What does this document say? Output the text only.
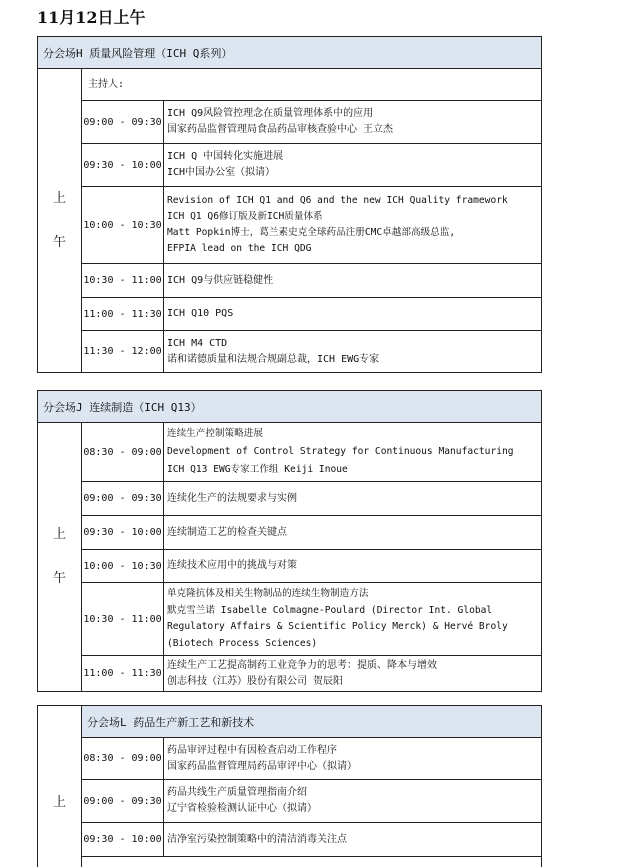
11月12日上午
分会场H 质量风险管理（ICH Q系列）
上
午
主持人:
09:00 - 09:30
ICH Q9风险管控理念在质量管理体系中的应用
国家药品监督管理局食品药品审核查验中心 王立杰
09:30 - 10:00
ICH Q 中国转化实施进展
ICH中国办公室（拟请）
10:00 - 10:30
Revision of ICH Q1 and Q6 and the new ICH Quality framework
ICH Q1 Q6修订版及新ICH质量体系
Matt Popkin博士，葛兰素史克全球药品注册CMC卓越部高级总监,
EFPIA lead on the ICH QDG
10:30 - 11:00 ICH Q9与供应链稳健性
11:00 - 11:30 ICH Q10 PQS
11:30 - 12:00
ICH M4 CTD
诺和诺德质量和法规合规副总裁，ICH EWG专家
分会场J 连续制造（ICH Q13）
上
午
08:30 - 09:00
连续生产控制策略进展
Development of Control Strategy for Continuous Manufacturing
ICH Q13 EWG专家工作组 Keiji Inoue
09:00 - 09:30 连续化生产的法规要求与实例
09:30 - 10:00 连续制造工艺的检查关键点
10:00 - 10:30 连续技术应用中的挑战与对策
10:30 - 11:00
单克隆抗体及相关生物制品的连续生物制造方法
默克雪兰诺 Isabelle Colmagne-Poulard (Director Int. Global
Regulatory Affairs & Scientific Policy Merck) & Hervé Broly
(Biotech Process Sciences)
11:00 - 11:30
连续生产工艺提高制药工业竞争力的思考：提质、降本与增效
创志科技（江苏）股份有限公司 贺辰阳
上
分会场L 药品生产新工艺和新技术
08:30 - 09:00
药品审评过程中有因检查启动工作程序
国家药品监督管理局药品审评中心（拟请）
09:00 - 09:30
药品共线生产质量管理指南介绍
辽宁省检验检测认证中心（拟请）
09:30 - 10:00 洁净室污染控制策略中的清洁消毒关注点
